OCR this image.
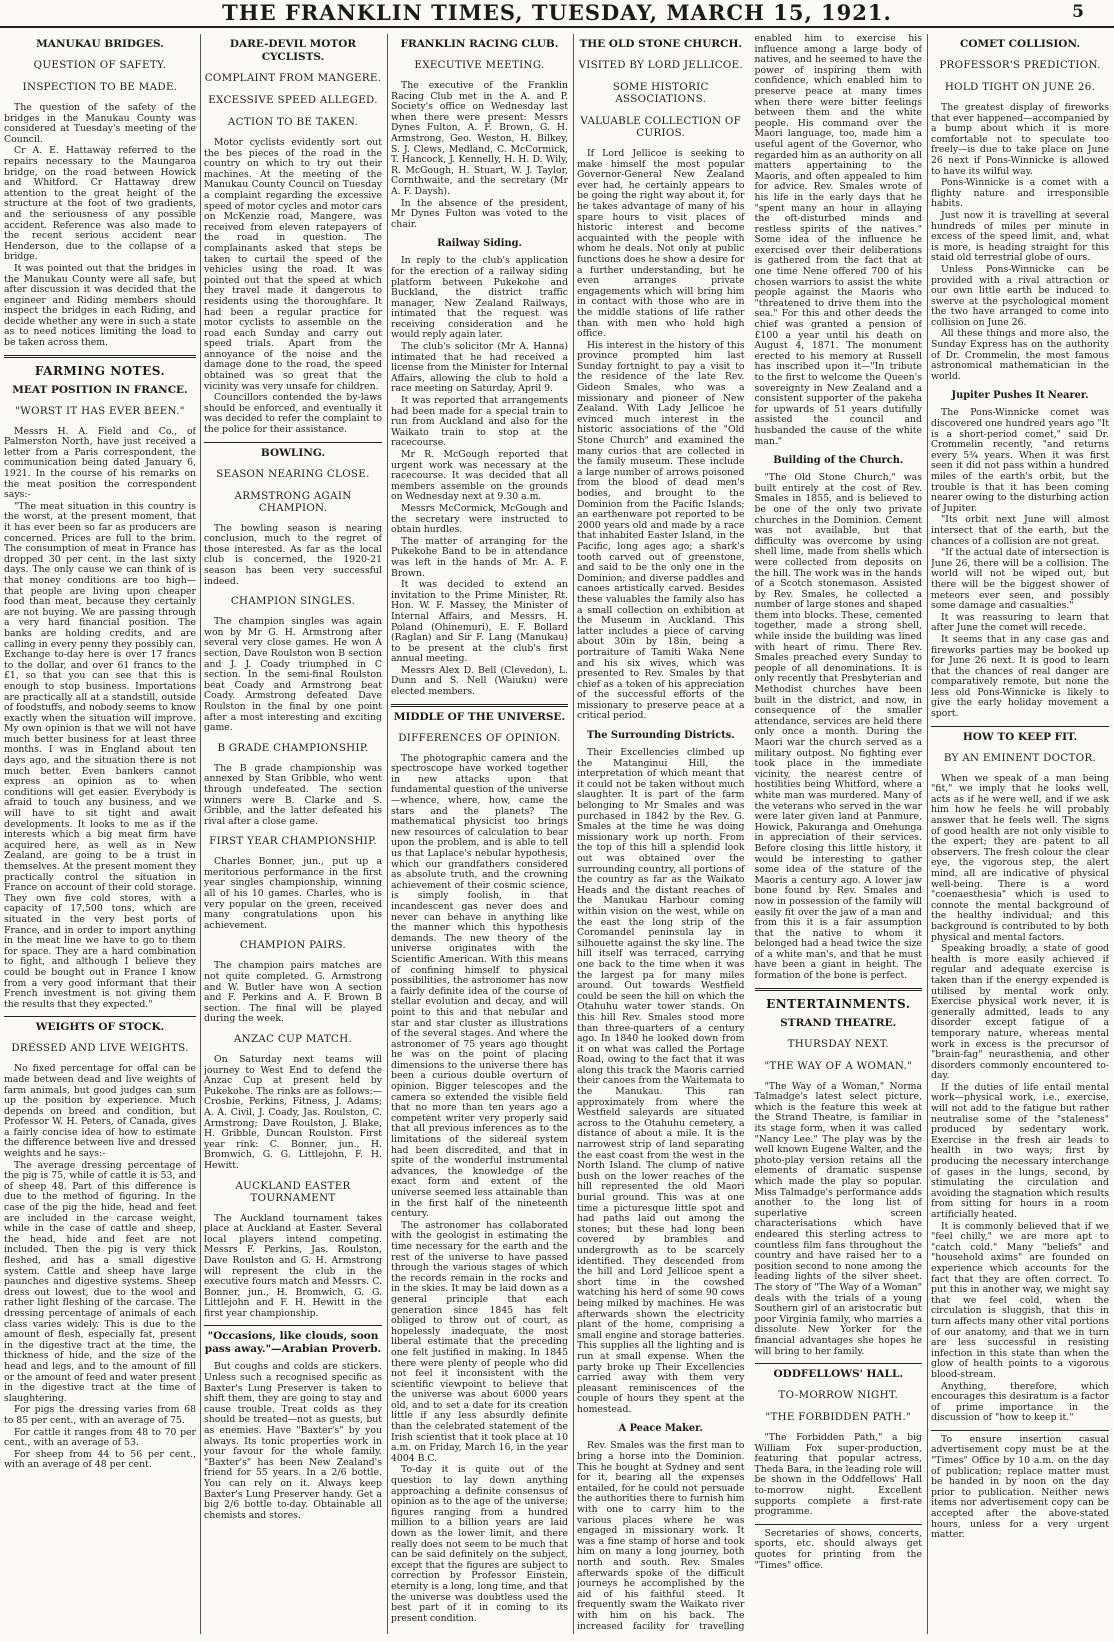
THE FRANKLIN TIMES, TUESDAY, MARCH 15, 1921.	5
MANUKAU BRIDGES.
QUESTION OF SAFETY.
INSPECTION TO BE MADE.
The question of the safety of the bridges in the Manukau County was considered at Tuesday's meeting of the Council.
Cr A. E. Hattaway referred to the repairs necessary to the Maungaroa bridge, on the road between Howick and Whitford. Cr Hattaway drew attention to the great height of the structure at the foot of two gradients, and the seriousness of any possible accident. Reference was also made to the recent serious accident near Henderson, due to the collapse of a bridge.
It was pointed out that the bridges in the Manukau County were all safe, but after discussion it was decided that the engineer and Riding members should inspect the bridges in each Riding, and decide whether any were in such a state as to need notices limiting the load to be taken across them.
FARMING NOTES.
MEAT POSITION IN FRANCE.
"WORST IT HAS EVER BEEN."
Messrs H. A. Field and Co., of Palmerston North, have just received a letter from a Paris correspondent, the communication being dated January 6, 1921. In the course of his remarks on the meat position the correspondent says:-
"The meat situation in this country is the worst, at the present moment, that it has ever been so far as producers are concerned. Prices are full to the brim. The consumption of meat in France has dropped 30 per cent. in the last sixty days. The only cause we can think of is that money conditions are too high—that people are living upon cheaper food than meat, because they certainly are not buying. We are passing through a very hard financial position. The banks are holding credits, and are calling in every penny they possibly can. Exchange to-day here is over 17 francs to the dollar, and over 61 francs to the £1, so that you can see that this is enough to stop business. Importations are practically all at a standstill, outside of foodstuffs, and nobody seems to know exactly when the situation will improve. My own opinion is that we will not have much better business for at least three months. I was in England about ten days ago, and the situation there is not much better. Even bankers cannot express an opinion as to when conditions will get easier. Everybody is afraid to touch any business, and we will have to sit tight and await developments. It looks to me as if the interests which a big meat firm have acquired here, as well as in New Zealand, are going to be a trust in themselves. At the present moment they practically control the situation in France on account of their cold storage. They own five cold stores, with a capacity of 17,500 tons, which are situated in the very best ports of France, and in order to import anything in the meat line we have to go to them for space. They are a hard combination to fight, and although I believe they could be bought out in France I know from a very good informant that their French investment is not giving them the results that they expected."
WEIGHTS OF STOCK.
DRESSED AND LIVE WEIGHTS.
No fixed percentage for offal can be made between dead and live weights of farm animals, but good judges can sum up the position by experience. Much depends on breed and condition, but Professor W. H. Peters, of Canada, gives a fairly concise idea of how to estimate the difference between live and dressed weights and he says:-
The average dressing percentage of the pig is 75, while of cattle it is 53, and of sheep 48. Part of this difference is due to the method of figuring. In the case of the pig the hide, head and feet are included in the carcase weight, while in the case of cattle and sheep, the head, hide and feet are not included. Then the pig is very thick fleshed, and has a small digestive system. Cattle and sheep have large paunches and digestive systems. Sheep dress out lowest, due to the wool and rather light fleshing of the carcase. The dressing percentage of animals of each class varies widely. This is due to the amount of flesh, especially fat, present in the digestive tract at the time, the thickness of hide, and the size of the head and legs, and to the amount of fill or the amount of feed and water present in the digestive tract at the time of slaughtering.
For pigs the dressing varies from 68 to 85 per cent., with an average of 75.
For cattle it ranges from 48 to 70 per cent., with an average of 53.
For sheep from 44 to 56 per cent., with an average of 48 per cent.
DARE-DEVIL MOTOR CYCLISTS.
COMPLAINT FROM MANGERE.
EXCESSIVE SPEED ALLEGED.
ACTION TO BE TAKEN.
Motor cyclists evidently sort out the bes pieces of the road in the country on which to try out their machines. At the meeting of the Manukau County Council on Tuesday a complaint regarding the excessive speed of motor cycles and motor cars on McKenzie road, Mangere, was received from eleven ratepayers of the road in question. The complainants asked that steps be taken to curtail the speed of the vehicles using the road. It was pointed out that the speed at which they travel made it dangerous to residents using the thoroughfare. It had been a regular practice for motor cyclists to assemble on the road each Sunday and carry out speed trials. Apart from the annoyance of the noise and the damage done to the road, the speed obtained was so great that the vicinity was very unsafe for children.
Councillors contended the by-laws should be enforced, and eventually it was decided to refer the complaint to the police for their assistance.
BOWLING.
SEASON NEARING CLOSE.
ARMSTRONG AGAIN CHAMPION.
The bowling season is nearing conclusion, much to the regret of those interested. As far as the local club is concerned, the 1920-21 season has been very successful indeed.
CHAMPION SINGLES.
The champion singles was again won by Mr G. H. Armstrong after several very close games. He won A section, Dave Roulston won B section and J. J. Coady triumphed in C section. In the semi-final Roulston beat Coady and Armstrong beat Coady. Armstrong defeated Dave Roulston in the final by one point after a most interesting and exciting game.
B GRADE CHAMPIONSHIP.
The B grade championship was annexed by Stan Gribble, who went through undefeated. The section winners were B. Clarke and S. Gribble, and the latter defeated his rival after a close game.
FIRST YEAR CHAMPIONSHIP.
Charles Bonner, jun., put up a meritorious performance in the first year singles championship, winning all of his 10 games. Charles, who is very popular on the green, received many congratulations upon his achievement.
CHAMPION PAIRS.
The champion pairs matches are not quite completed. G. Armstrong and W. Butler have won A section and F. Perkins and A. F. Brown B section. The final will be played during the week.
ANZAC CUP MATCH.
On Saturday next teams will journey to West End to defend the Anzac Cup at present held by Pukekohe. The rinks are as follows:—Crosbie, Perkins, Fitness, J. Adams; A. A. Civil, J. Coady, Jas. Roulston, C. Armstrong; Dave Roulston, J. Blake, H. Gribble, Duncan Roulston. First year rink: C. Bonner, jun., H. Bromwich, G. G. Littlejohn, F. H. Hewitt.
AUCKLAND EASTER TOURNAMENT
The Auckland tournament takes place at Auckland at Easter. Several local players intend competing. Messrs F. Perkins, Jas. Roulston, Dave Roulston and G. H. Armstrong will represent the club in the executive fours match and Messrs. C. Bonner, jun., H. Bromwich, G. G. Littlejohn and F. H. Hewitt in the first year championship.
"Occasions, like clouds, soon pass away."—Arabian Proverb.
But coughs and colds are stickers. Unless such a recognised specific as Baxter's Lung Preserver is taken to shift them, they are going to stay and cause trouble. Treat colds as they should be treated—not as guests, but as enemies. Have "Baxter's" by you always. Its tonic properties work in your favour for the whole family. "Baxter's" has been New Zealand's friend for 55 years. In a 2/6 bottle. You can rely on it. Always keep Baxter's Lung Preserver handy. Get a big 2/6 bottle to-day. Obtainable all chemists and stores.
FRANKLIN RACING CLUB.
EXECUTIVE MEETING.
The executive of the Franklin Racing Club met in the A. and P. Society's office on Wednesday last when there were present: Messrs Dynes Fulton, A. F. Brown, G. H. Armstrong, Geo. Weston, H. Bilkey, S. J. Clews, Medland, C. McCormick, T. Hancock, J. Kennelly, H. H. D. Wily, R. McGough, H. Stuart, W. J. Taylor, Cornthwaite, and the secretary (Mr A. F. Daysh).
In the absence of the president, Mr Dynes Fulton was voted to the chair.
Railway Siding.
In reply to the club's application for the erection of a railway siding platform between Pukekohe and Buckland, the district traffic manager, New Zealand Railways, intimated that the request was receiving consideration and he would reply again later.
The club's solicitor (Mr A. Hanna) intimated that he had received a license from the Minister for Internal Affairs, allowing the club to hold a race meeting on Saturday, April 9.
It was reported that arrangements had been made for a special train to run from Auckland and also for the Waikato train to stop at the racecourse.
Mr R. McGough reported that urgent work was necessary at the racecourse. It was decided that all members assemble on the grounds on Wednesday next at 9.30 a.m.
Messrs McCormick, McGough and the secretary were instructed to obtain hurdles.
The matter of arranging for the Pukekohe Band to be in attendance was left in the hands of Mr. A. F. Brown.
It was decided to extend an invitation to the Prime Minister, Rt. Hon. W. F. Massey, the Minister of Internal Affairs, and Messrs. H. Poland (Ohinemuri), E. F. Bollard (Raglan) and Sir F. Lang (Manukau) to be present at the club's first annual meeting.
Messrs Alex D. Bell (Clevedon), L. Dunn and S. Nell (Waiuku) were elected members.
MIDDLE OF THE UNIVERSE.
DIFFERENCES OF OPINION.
The photographic camera and the spectroscope have worked together in new attacks upon that fundamental question of the universe—whence, where, how, came the stars and the planets? The mathematical physicist too brings new resources of calculation to bear upon the problem, and is able to tell us that Laplace's nebular hypothesis, which our grandfathers considered as absolute truth, and the crowning achievement of their cosmic science, is simply foolish, in that incandescent gas never does and never can behave in anything like the manner which this hypothesis demands. The new theory of the universe originates with the Scientific American. With this means of confining himself to physical possibilities, the astronomer has now a fairly definite idea of the course of stellar evolution and decay, and will point to this and that nebular and star and star cluster as illustrations of the several stages. And where the astronomer of 75 years ago thought he was on the point of placing dimensions to the universe there has been a curious double overturn of opinion. Bigger telescopes and the camera so extended the visible field that no more than ten years ago a competent writer very properly said that all previous inferences as to the limitations of the sidereal system had been discredited, and that in spite of the wonderful instrumental advances, the knowledge of the exact form and extent of the universe seemed less attainable than in the first half of the nineteenth century.
The astronomer has collaborated with the geologist in estimating the time necessary for the earth and the rest of the universe to have passed through the various stages of which the records remain in the rocks and in the skies. It may be laid down as a general principle that each generation since 1845 has felt obliged to throw out of court, as hopelessly inadequate, the most liberal estimate that the preceding one felt justified in making. In 1845 there were plenty of people who did not feel it inconsistent with the scientific viewpoint to believe that the universe was about 6000 years old, and to set a date for its creation little if any less absurdly definite than the celebrated statement of the Irish scientist that it took place at 10 a.m. on Friday, March 16, in the year 4004 B.C.
To-day it is quite out of the question to lay down anything approaching a definite consensus of opinion as to the age of the universe; figures ranging from a hundred million to a billion years are laid down as the lower limit, and there really does not seem to be much that can be said definitely on the subject, except that the figures are subject to correction by Professor Einstein, eternity is a long, long time, and that the universe was doubtless used the best part of it in coming to its present condition.
THE OLD STONE CHURCH.
VISITED BY LORD JELLICOE.
SOME HISTORIC ASSOCIATIONS.
VALUABLE COLLECTION OF CURIOS.
If Lord Jellicoe is seeking to make himself the most popular Governor-General New Zealand ever had, he certainly appears to be going the right way about it, for he takes advantage of many of his spare hours to visit places of historic interest and become acquainted with the people with whom he deals. Not only at public functions does he show a desire for a further understanding, but he even arranges private engagements which will bring him in contact with those who are in the middle stations of life rather than with men who hold high office.
His interest in the history of this province prompted him last Sunday fortnight to pay a visit to the residence of the late Rev. Gideon Smales, who was a missionary and pioneer of New Zealand. With Lady Jellicoe he evinced much interest in the historic associations of the "Old Stone Church" and examined the many curios that are collected in the family museum. These include a large number of arrows poisoned from the blood of dead men's bodies, and brought to the Dominion from the Pacific Islands; an earthenware pot reported to be 2000 years old and made by a race that inhabited Easter Island, in the Pacific, long ages ago; a shark's tooth carved out of greenstone, and said to be the only one in the Dominion; and diverse paddles and canoes artistically carved. Besides these valuables the family also has a small collection on exhibition at the Museum in Auckland. This latter includes a piece of carving about 30in by 18in, being a portraiture of Tamiti Waka Nene and his six wives, which was presented to Rev. Smales by that chief as a token of his appreciation of the successful efforts of the missionary to preserve peace at a critical period.
The Surrounding Districts.
Their Excellencies climbed up the Matanginui Hill, the interpretation of which meant that it could not be taken without much slaughter. It is part of the farm belonging to Mr Smales and was purchased in 1842 by the Rev. G. Smales at the time he was doing missionary work up north. From the top of this hill a splendid look out was obtained over the surrounding country, all portions of the country as far as the Waikato Heads and the distant reaches of the Manukau Harbour coming within vision on the west, while on the east the long strip of the Coromandel peninsula lay in silhouette against the sky line. The hill itself was terraced, carrying one back to the time when it was the largest pa for many miles around. Out towards Westfield could be seen the hill on which the Otahuhu water tower stands. On this hill Rev. Smales stood more than three-quarters of a century ago. In 1840 he looked down from it on what was called the Portage Road, owing to the fact that it was along this track the Maoris carried their canoes from the Waitemata to the Manukau. This ran approximately from where the Westfield saleyards are situated across to the Otahuhu cemetery, a distance of about a mile. It is the narrowest strip of land separating the east coast from the west in the North Island. The clump of native bush on the lower reaches of the hill represented the old Maori burial ground. This was at one time a picturesque little spot and had paths laid out among the stones; but these had long been covered by brambles and undergrowth as to be scarcely identified. They descended from the hill and Lord Jellicoe spent a short time in the cowshed watching his herd of some 90 cows being milked by machines. He was afterwards shown the electricity plant of the home, comprising a small engine and storage batteries. This supplies all the lighting and is run at small expense. When the party broke up Their Excellencies carried away with them very pleasant reminiscences of the couple of hours they spent at the homestead.
A Peace Maker.
Rev. Smales was the first man to bring a horse into the Dominion. This he bought at Sydney and sent for it, bearing all the expenses entailed, for he could not persuade the authorities there to furnish him with one to carry him to the various places where he was engaged in missionary work. It was a fine stamp of horse and took him on many a long journey, both north and south. Rev. Smales afterwards spoke of the difficult journeys he accomplished by the aid of his faithful steed. It frequently swam the Waikato river with him on his back. The increased facility for travelling enabled him to exercise his influence among a large body of natives, and he seemed to have the power of inspiring them with confidence, which enabled him to preserve peace at many times when there were bitter feelings between them and the white people. His command over the Maori language, too, made him a useful agent of the Governor, who regarded him as an authority on all matters appertaining to the Maoris, and often appealed to him for advice. Rev. Smales wrote of his life in the early days that he "spent many an hour in allaying the oft-disturbed minds and restless spirits of the natives." Some idea of the influence he exercised over their deliberations is gathered from the fact that at one time Nene offered 700 of his chosen warriors to assist the white people against the Maoris who "threatened to drive them into the sea." For this and other deeds the chief was granted a pension of £100 a year until his death on August 4, 1871. The monument erected to his memory at Russell has inscribed upon it—"In tribute to the first to welcome the Queen's sovereignty in New Zealand and a consistent supporter of the pakeha for upwards of 51 years dutifully assisted the council and husbanded the cause of the white man."
Building of the Church.
"The Old Stone Church," was built entirely at the cost of Rev. Smales in 1855, and is believed to be one of the only two private churches in the Dominion. Cement was not available, but that difficulty was overcome by using shell lime, made from shells which were collected from deposits on the hill. The work was in the hands of a Scotch stonemason. Assisted by Rev. Smales, he collected a number of large stones and shaped them into blocks. These, cemented together, made a strong shell, while inside the building was lined with heart of rimu. There Rev. Smales preached every Sunday to people of all denominations. It is only recently that Presbyterian and Methodist churches have been built in the district, and now, in consequence of the smaller attendance, services are held there only once a month. During the Maori war the church served as a military outpost. No fighting ever took place in the immediate vicinity, the nearest centre of hostilities being Whitford, where a white man was murdered. Many of the veterans who served in the war were later given land at Panmure, Howick, Pakuranga and Onehunga in appreciation of their services. Before closing this little history, it would be interesting to gather some idea of the stature of the Maoris a century ago. A lower jaw bone found by Rev. Smales and now in possession of the family will easily fit over the jaw of a man and from this it is a fair assumption that the native to whom it belonged had a head twice the size of a white man's, and that he must have been a giant in height. The formation of the bone is perfect.
ENTERTAINMENTS.
STRAND THEATRE.
THURSDAY NEXT.
"THE WAY OF A WOMAN."
"The Way of a Woman," Norma Talmadge's latest select picture, which is the feature this week at the Strand Theatre, is familiar in its stage form, when it was called "Nancy Lee." The play was by the well known Eugene Walter, and the photo-play version retains all the elements of dramatic suspense which made the play so popular. Miss Talmadge's performance adds another to the long list of superlative screen characterisations which have endeared this sterling actress to countless film fans throughout the country and have raised her to a position second to none among the leading lights of the silver sheet. The story of "The Way of a Woman" deals with the trials of a young Southern girl of an aristocratic but poor Virginia family, who marries a dissolute New Yorker for the financial advantages she hopes he will bring to her family.
ODDFELLOWS' HALL.
TO-MORROW NIGHT.
"THE FORBIDDEN PATH."
"The Forbidden Path," a big William Fox super-production, featuring that popular actress, Theda Bara, in the leading role will be shown in the Oddfellows' Hall to-morrow night. Excellent supports complete a first-rate programme.
Secretaries of shows, concerts, sports, etc. should always get quotes for printing from the "Times" office.
COMET COLLISION.
PROFESSOR'S PREDICTION.
HOLD TIGHT ON JUNE 26.
The greatest display of fireworks that ever happened—accompanied by a bump about which it is more comfortable not to speculate too freely—is due to take place on June 26 next if Pons-Winnicke is allowed to have its wilful way.
Pons-Winnicke is a comet with a flighty nature and irresponsible habits.
Just now it is travelling at several hundreds of miles per minute in excess of the speed limit, and, what is more, is heading straight for this staid old terrestrial globe of ours.
Unless Pons-Winnicke can be provided with a rival attraction or our own little earth be induced to swerve at the psychological moment the two have arranged to come into collision on June 26.
All these things and more also, the Sunday Express has on the authority of Dr. Crommelin, the most famous astronomical mathematician in the world.
Jupiter Pushes It Nearer.
The Pons-Winnicke comet was discovered one hundred years ago "It is a short-period comet," said Dr. Crommelin recently, "and returns every 5¾ years. When it was first seen it did not pass within a hundred miles of the earth's orbit, but the trouble is that it has been coming nearer owing to the disturbing action of Jupiter.
"Its orbit next June will almost intersect that of the earth, but the chances of a collision are not great.
"If the actual date of intersection is June 26, there will be a collision. The world will not be wiped out, but there will be the biggest shower of meteors ever seen, and possibly some damage and casualties."
It was reassuring to learn that after June the comet will recede.
It seems that in any case gas and fireworks parties may be booked up for June 26 next. It is good to learn that the chances of real danger are comparatively remote, but none the less old Pons-Winnicke is likely to give the early holiday movement a sport.
HOW TO KEEP FIT.
BY AN EMINENT DOCTOR.
When we speak of a man being "fit," we imply that he looks well, acts as if he were well, and if we ask him how he feels he will probably answer that he feels well. The signs of good health are not only visible to the expert; they are patent to all observers. The fresh colour the clear eye, the vigorous step, the alert mind, all are indicative of physical well-being. There is a word "coenaesthesia" which is used to connote the mental background of the healthy individual; and this background is contributed to by both physical and mental factors.
Speaking broadly, a state of good health is more easily achieved if regular and adequate exercise is taken than if the energy expended is utilised by mental work only. Exercise physical work never, it is generally admitted, leads to any disorder except fatigue of a temporary nature, whereas mental work in excess is the precursor of "brain-fag" neurasthenia, and other disorders commonly encountered to-day.
If the duties of life entail mental work—physical work, i.e., exercise, will not add to the fatigue but rather neutralise some of the "staleness" produced by sedentary work. Exercise in the fresh air leads to health in two ways; first by producing the necessary interchange of gases in the lungs, second, by stimulating the circulation and avoiding the stagnation which results from sitting for hours in a room artificially heated.
It is commonly believed that if we "feel chilly," we are more apt to "catch cold." Many "beliefs" and "household axims" are founded on experience which accounts for the fact that they are often correct. To put this in another way, we might say that we feel cold, when the circulation is sluggish, that this in turn affects many other vital portions of our anatomy, and that we in turn are less successful in resisting infection in this state than when the glow of health points to a vigorous blood-stream.
Anything, therefore, which encourages this desiratum is a factor of prime importance in the discussion of "how to keep it."
To ensure insertion casual advertisement copy must be at the "Times" Office by 10 a.m. on the day of publication; replace matter must be handed in by noon on the day prior to publication. Neither news items nor advertisement copy can be accepted after the above-stated hours, unless for a very urgent matter.
